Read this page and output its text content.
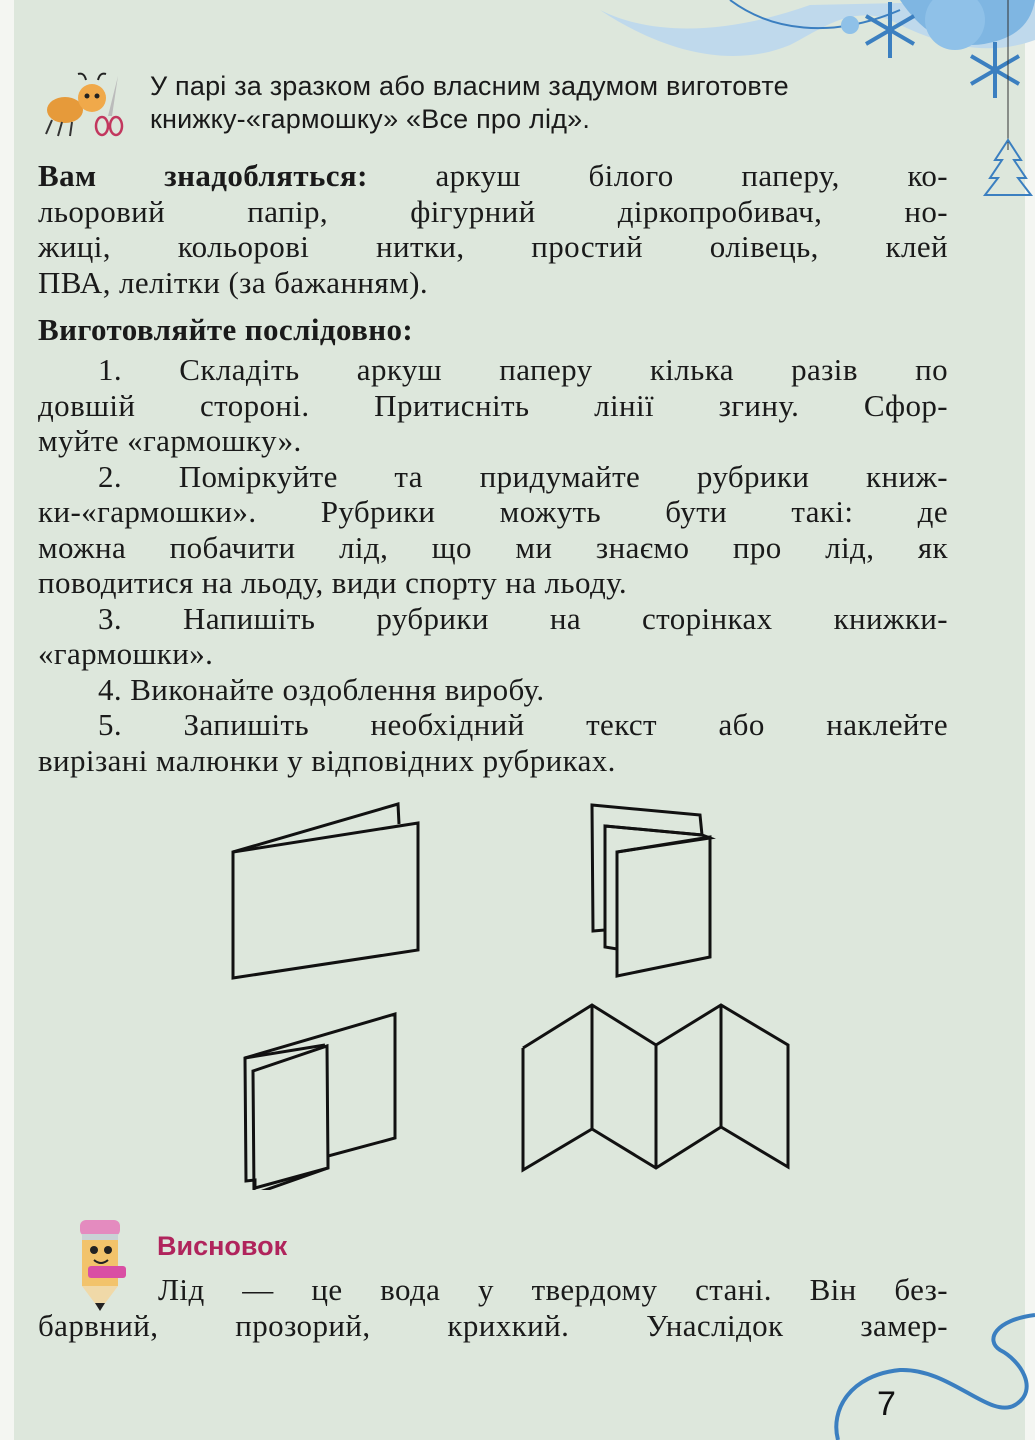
У парі за зразком або власним задумом виготовте
книжку-«гармошку» «Все про лід».
Вам знадобляться: аркуш білого паперу, ко-
льоровий папір, фігурний діркопробивач, но-
жиці, кольорові нитки, простий олівець, клей
ПВА, лелітки (за бажанням).
Виготовляйте послідовно:
1. Складіть аркуш паперу кілька разів по
довшій стороні. Притисніть лінії згину. Сфор-
муйте «гармошку».
2. Поміркуйте та придумайте рубрики книж-
ки-«гармошки». Рубрики можуть бути такі: де
можна побачити лід, що ми знаємо про лід, як
поводитися на льоду, види спорту на льоду.
3. Напишіть рубрики на сторінках книжки-
«гармошки».
4. Виконайте оздоблення виробу.
5. Запишіть необхідний текст або наклейте
вирізані малюнки у відповідних рубриках.
Висновок
Лід — це вода у твердому стані. Він без-
барвний, прозорий, крихкий. Унаслідок замер-
7
